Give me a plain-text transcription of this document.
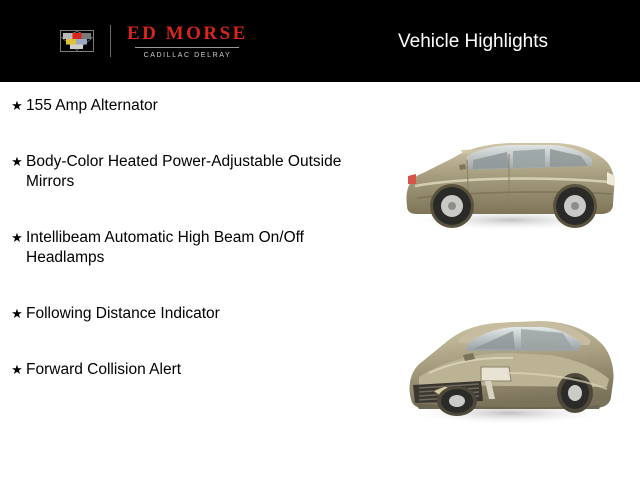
ED MORSE
CADILLAC DELRAY
Vehicle Highlights
★ 155 Amp Alternator
★ Body-Color Heated Power-Adjustable Outside Mirrors
★ Intellibeam Automatic High Beam On/Off Headlamps
★ Following Distance Indicator
★ Forward Collision Alert
